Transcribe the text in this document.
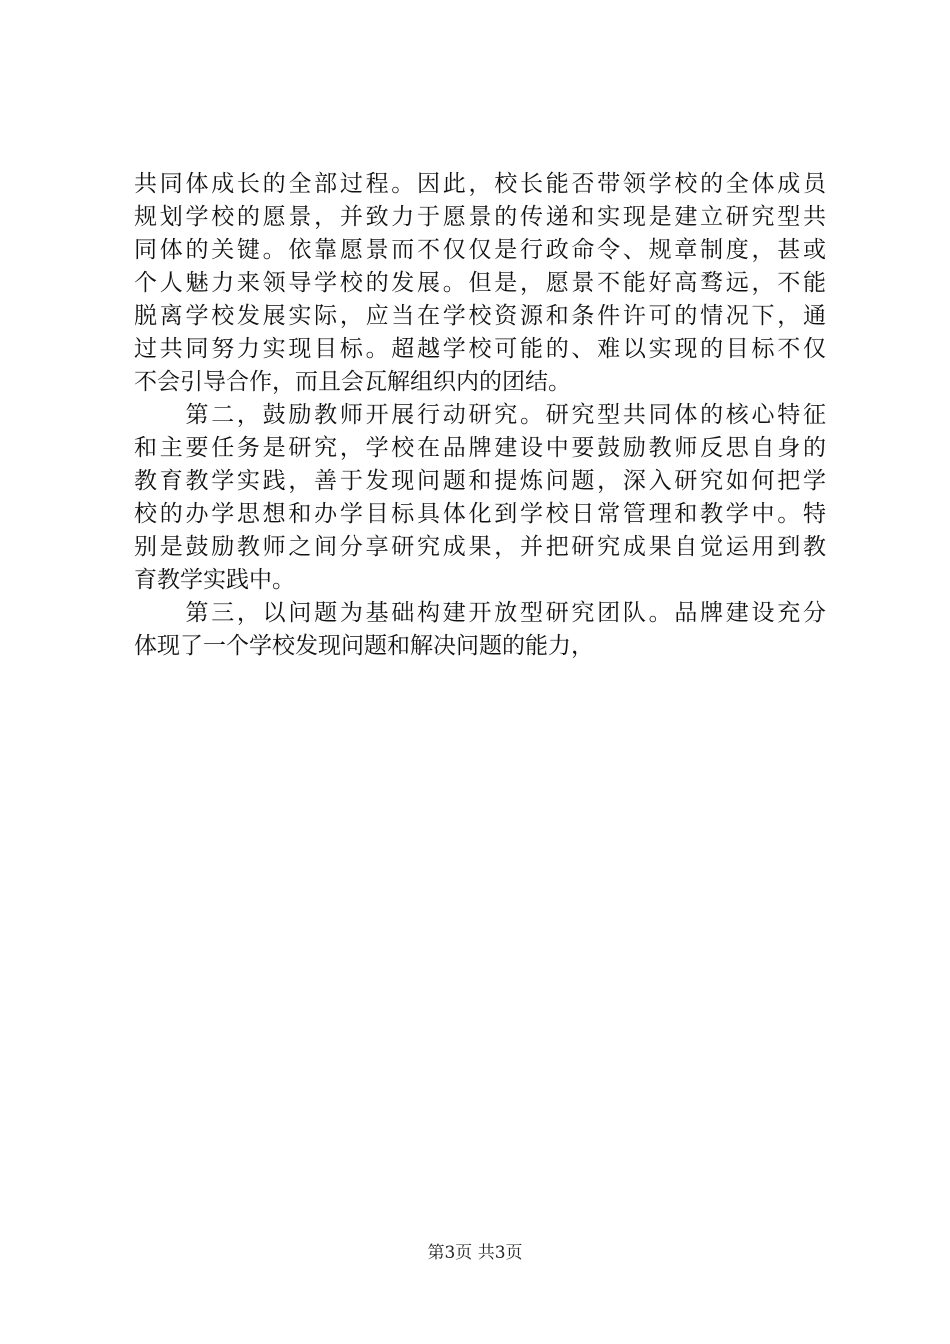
共同体成长的全部过程。因此，校长能否带领学校的全体成员
规划学校的愿景，并致力于愿景的传递和实现是建立研究型共
同体的关键。依靠愿景而不仅仅是行政命令、规章制度，甚或
个人魅力来领导学校的发展。但是，愿景不能好高骛远，不能
脱离学校发展实际，应当在学校资源和条件许可的情况下，通
过共同努力实现目标。超越学校可能的、难以实现的目标不仅
不会引导合作，而且会瓦解组织内的团结。
　　第二，鼓励教师开展行动研究。研究型共同体的核心特征
和主要任务是研究，学校在品牌建设中要鼓励教师反思自身的
教育教学实践，善于发现问题和提炼问题，深入研究如何把学
校的办学思想和办学目标具体化到学校日常管理和教学中。特
别是鼓励教师之间分享研究成果，并把研究成果自觉运用到教
育教学实践中。
　　第三，以问题为基础构建开放型研究团队。品牌建设充分
体现了一个学校发现问题和解决问题的能力，
第3页 共3页
